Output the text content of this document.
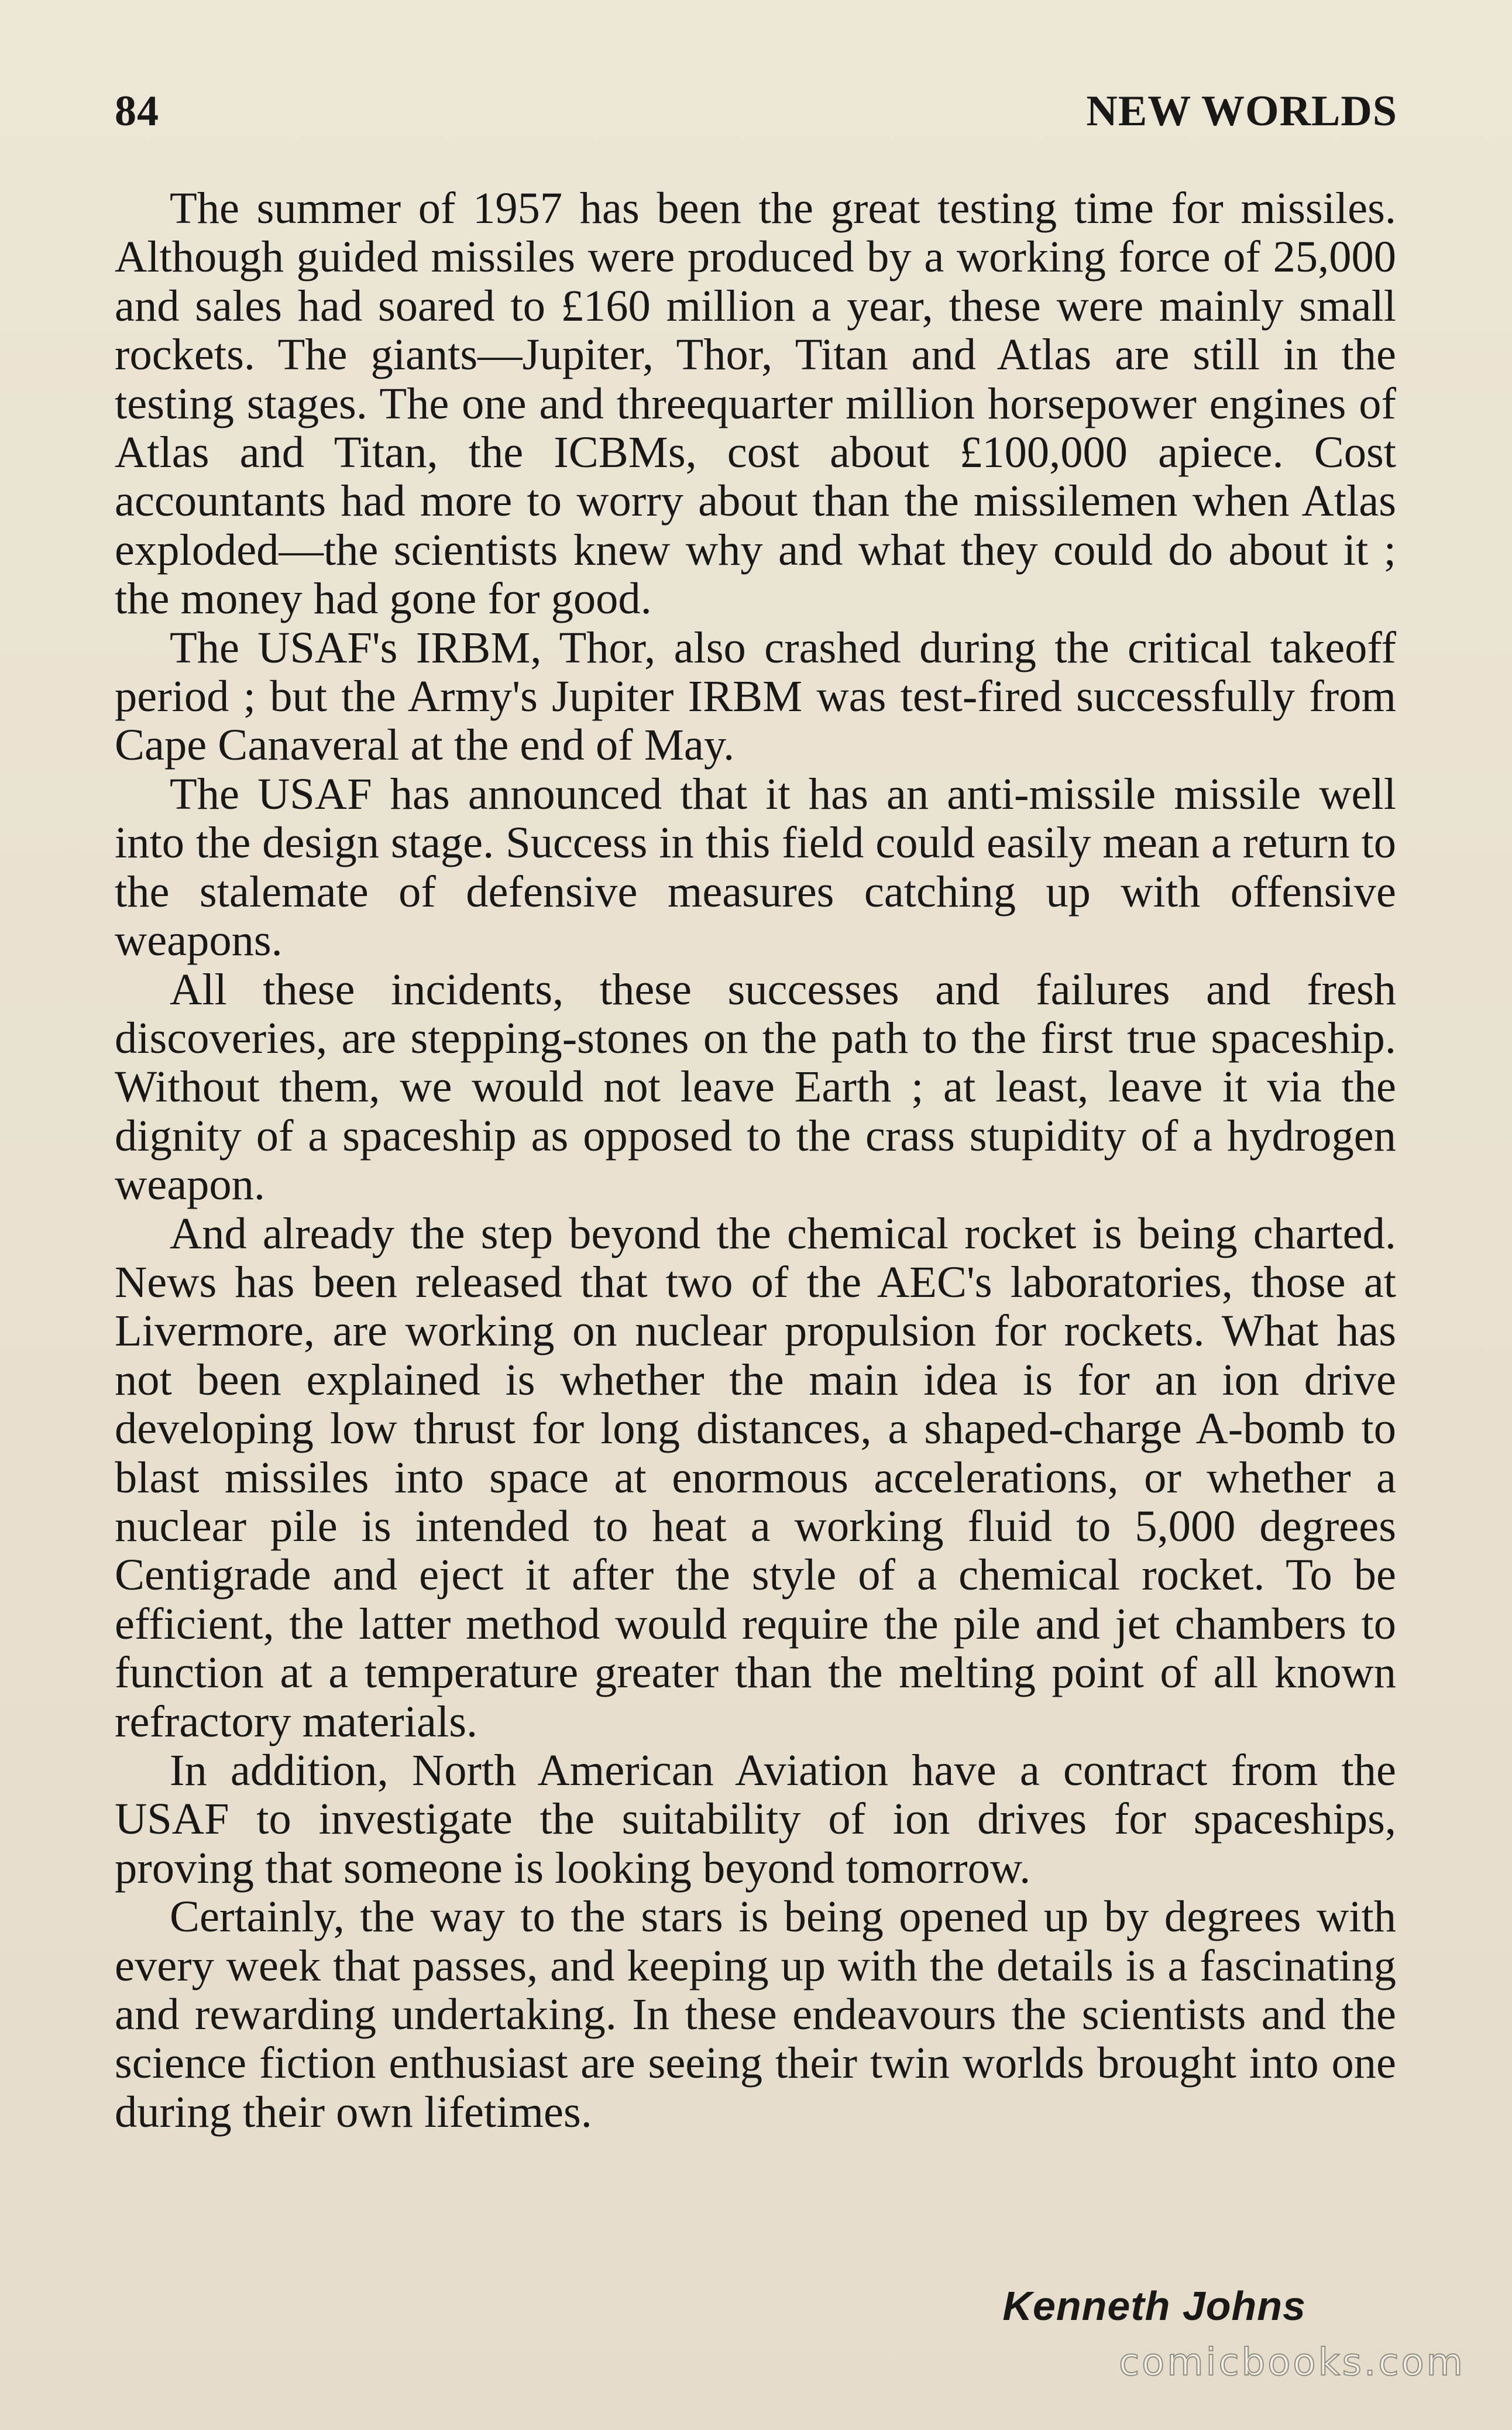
84	NEW WORLDS

The summer of 1957 has been the great testing time for missiles. Although guided missiles were produced by a working force of 25,000 and sales had soared to £160 million a year, these were mainly small rockets. The giants—Jupiter, Thor, Titan and Atlas are still in the testing stages. The one and threequarter million horsepower engines of Atlas and Titan, the ICBMs, cost about £100,000 apiece. Cost accountants had more to worry about than the missilemen when Atlas exploded—the scientists knew why and what they could do about it ; the money had gone for good.

The USAF's IRBM, Thor, also crashed during the critical takeoff period ; but the Army's Jupiter IRBM was test-fired successfully from Cape Canaveral at the end of May.

The USAF has announced that it has an anti-missile missile well into the design stage. Success in this field could easily mean a return to the stalemate of defensive measures catching up with offensive weapons.

All these incidents, these successes and failures and fresh discoveries, are stepping-stones on the path to the first true spaceship. Without them, we would not leave Earth ; at least, leave it via the dignity of a spaceship as opposed to the crass stupidity of a hydrogen weapon.

And already the step beyond the chemical rocket is being charted. News has been released that two of the AEC's laboratories, those at Livermore, are working on nuclear propulsion for rockets. What has not been explained is whether the main idea is for an ion drive developing low thrust for long distances, a shaped-charge A-bomb to blast missiles into space at enormous accelerations, or whether a nuclear pile is intended to heat a working fluid to 5,000 degrees Centigrade and eject it after the style of a chemical rocket. To be efficient, the latter method would require the pile and jet chambers to function at a temperature greater than the melting point of all known refractory materials.

In addition, North American Aviation have a contract from the USAF to investigate the suitability of ion drives for spaceships, proving that someone is looking beyond tomorrow.

Certainly, the way to the stars is being opened up by degrees with every week that passes, and keeping up with the details is a fascinating and rewarding undertaking. In these endeavours the scientists and the science fiction enthusiast are seeing their twin worlds brought into one during their own lifetimes.

Kenneth Johns
comicbooks.com
